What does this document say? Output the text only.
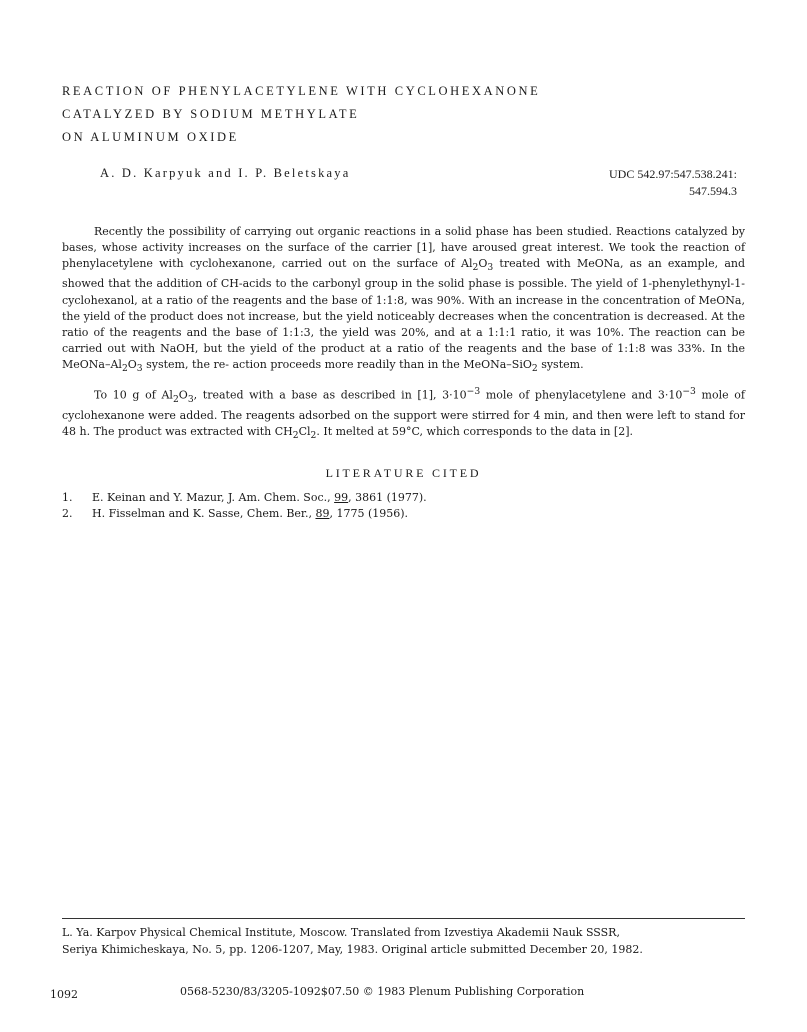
REACTION OF PHENYLACETYLENE WITH CYCLOHEXANONE
CATALYZED BY SODIUM METHYLATE
ON ALUMINUM OXIDE
A. D. Karpyuk and I. P. Beletskaya	UDC 542.97:547.538.241:
547.594.3

Recently the possibility of carrying out organic reactions in a solid phase has been studied. Reactions catalyzed by bases, whose activity increases on the surface of the carrier [1], have aroused great interest. We took the reaction of phenylacetylene with cyclohexanone, carried out on the surface of $Al_2O_3$ treated with MeONa, as an example, and showed that the addition of CH-acids to the carbonyl group in the solid phase is possible. The yield of 1-phenylethynyl-1-cyclohexanol, at a ratio of the reagents and the base of 1:1:8, was 90%. With an increase in the concentration of MeONa, the yield of the product does not increase, but the yield noticeably decreases when the concentration is decreased. At the ratio of the reagents and the base of 1:1:3, the yield was 20%, and at a 1:1:1 ratio, it was 10%. The reaction can be carried out with NaOH, but the yield of the product at a ratio of the reagents and the base of 1:1:8 was 33%. In the MeONa–$Al_2O_3$ system, the re- action proceeds more readily than in the MeONa–SiO$_2$ system.

To 10 g of $Al_2O_3$, treated with a base as described in [1], $3\cdot 10^{-3}$ mole of phenylacetylene and $3\cdot 10^{-3}$ mole of cyclohexanone were added. The reagents adsorbed on the support were stirred for 4 min, and then were left to stand for 48 h. The product was extracted with $CH_2Cl_2$. It melted at 59°C, which corresponds to the data in [2].

LITERATURE CITED
1. E. Keinan and Y. Mazur, J. Am. Chem. Soc., 99, 3861 (1977).
2. H. Fisselman and K. Sasse, Chem. Ber., 89, 1775 (1956).
L. Ya. Karpov Physical Chemical Institute, Moscow. Translated from Izvestiya Akademii Nauk SSSR,
Seriya Khimicheskaya, No. 5, pp. 1206-1207, May, 1983. Original article submitted December 20, 1982.
1092	0568-5230/83/3205-1092$07.50 © 1983 Plenum Publishing Corporation
